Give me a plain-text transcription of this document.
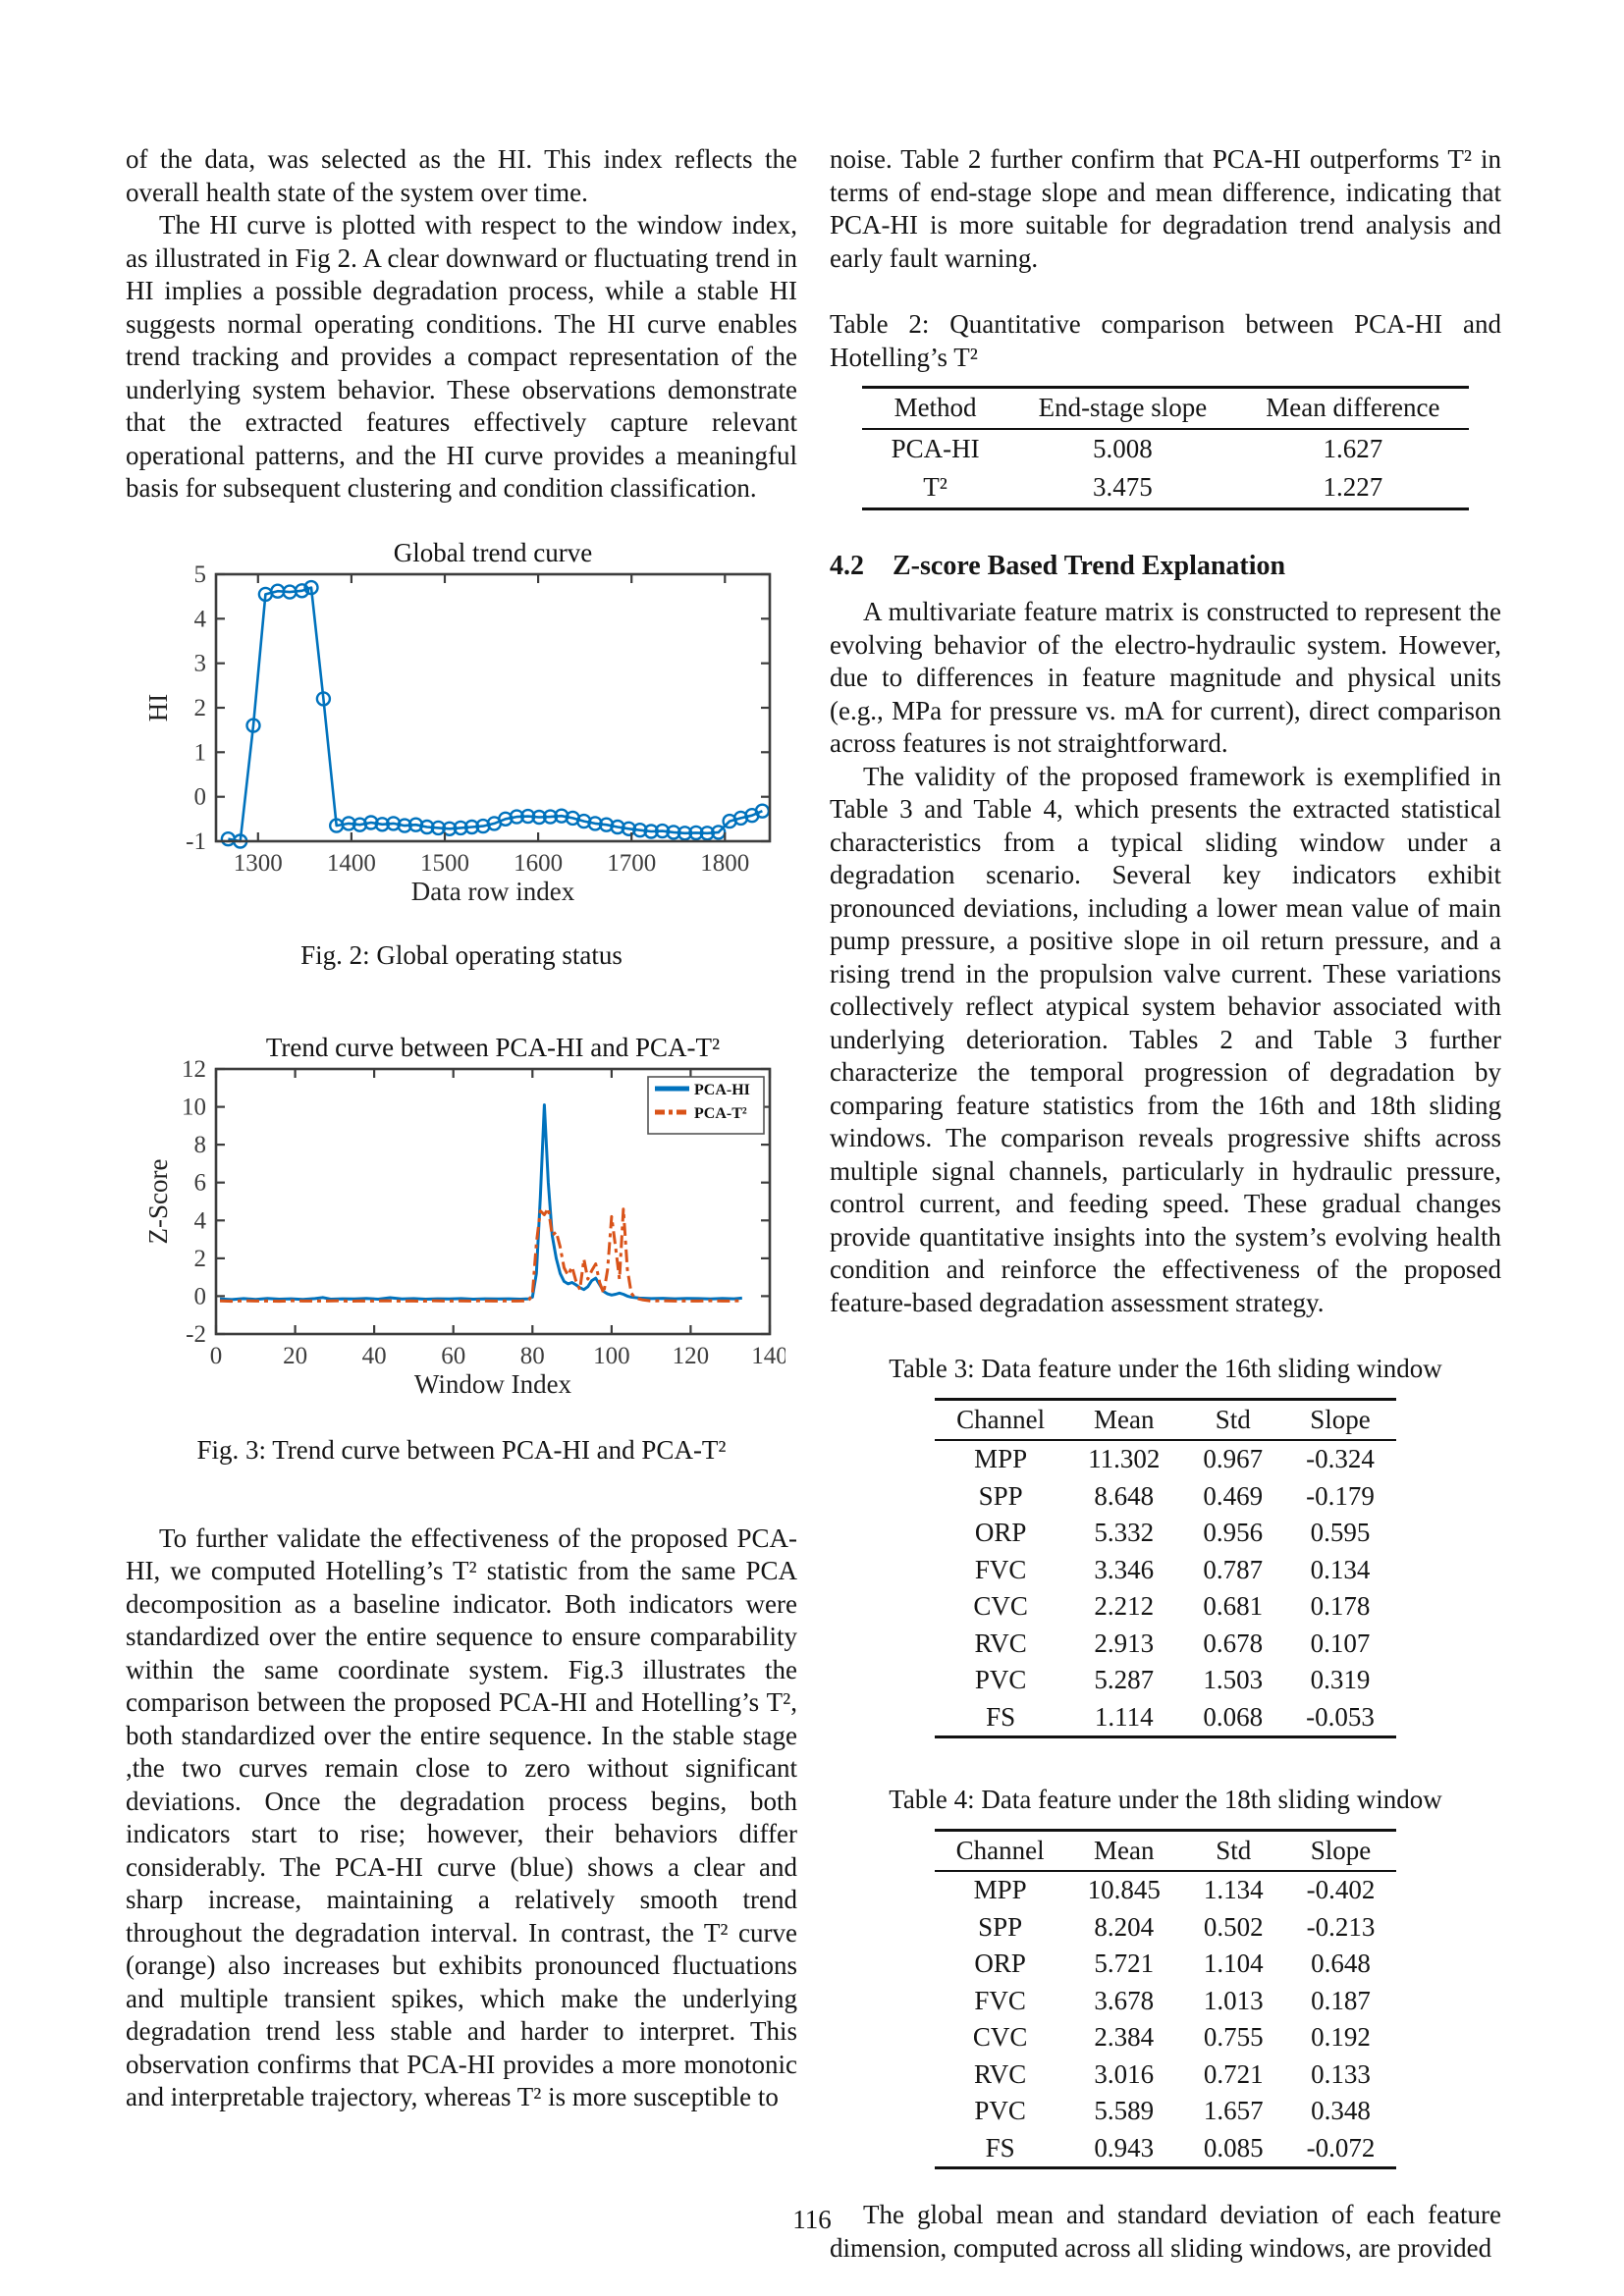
of the data, was selected as the HI. This index reflects the overall health state of the system over time.

The HI curve is plotted with respect to the window index, as illustrated in Fig 2. A clear downward or fluctuating trend in HI implies a possible degradation process, while a stable HI suggests normal operating conditions. The HI curve enables trend tracking and provides a compact representation of the underlying system behavior. These observations demonstrate that the extracted features effectively capture relevant operational patterns, and the HI curve provides a meaningful basis for subsequent clustering and condition classification.

1300 1400 1500 1600 1700 1800
-1
0
1
2
3
4
5
Global trend curve
Data row index
HI
Fig. 2: Global operating status
0 20 40 60 80 100 120 140
-2
0
2
4
6
8
10
12
Trend curve between PCA-HI and PCA-T²
Window Index
Z-Score
PCA-HI
PCA-T²
Fig. 3: Trend curve between PCA-HI and PCA-T²

To further validate the effectiveness of the proposed PCA-HI, we computed Hotelling’s T² statistic from the same PCA decomposition as a baseline indicator. Both indicators were standardized over the entire sequence to ensure comparability within the same coordinate system. Fig.3 illustrates the comparison between the proposed PCA-HI and Hotelling’s T², both standardized over the entire sequence. In the stable stage ,the two curves remain close to zero without significant deviations. Once the degradation process begins, both indicators start to rise; however, their behaviors differ considerably. The PCA-HI curve (blue) shows a clear and sharp increase, maintaining a relatively smooth trend throughout the degradation interval. In contrast, the T² curve (orange) also increases but exhibits pronounced fluctuations and multiple transient spikes, which make the underlying degradation trend less stable and harder to interpret. This observation confirms that PCA-HI provides a more monotonic and interpretable trajectory, whereas T² is more susceptible to

noise. Table 2 further confirm that PCA-HI outperforms T² in terms of end-stage slope and mean difference, indicating that PCA-HI is more suitable for degradation trend analysis and early fault warning.

Table 2: Quantitative comparison between PCA-HI and Hotelling’s T²
Method	End-stage slope	Mean difference
PCA-HI	5.008	1.627
T²	3.475	1.227
4.2	Z-score Based Trend Explanation

A multivariate feature matrix is constructed to represent the evolving behavior of the electro-hydraulic system. However, due to differences in feature magnitude and physical units (e.g., MPa for pressure vs. mA for current), direct comparison across features is not straightforward.

The validity of the proposed framework is exemplified in Table 3 and Table 4, which presents the extracted statistical characteristics from a typical sliding window under a degradation scenario. Several key indicators exhibit pronounced deviations, including a lower mean value of main pump pressure, a positive slope in oil return pressure, and a rising trend in the propulsion valve current. These variations collectively reflect atypical system behavior associated with underlying deterioration. Tables 2 and Table 3 further characterize the temporal progression of degradation by comparing feature statistics from the 16th and 18th sliding windows. The comparison reveals progressive shifts across multiple signal channels, particularly in hydraulic pressure, control current, and feeding speed. These gradual changes provide quantitative insights into the system’s evolving health condition and reinforce the effectiveness of the proposed feature-based degradation assessment strategy.

Table 3: Data feature under the 16th sliding window
Channel	Mean	Std	Slope
MPP	11.302	0.967	-0.324
SPP	8.648	0.469	-0.179
ORP	5.332	0.956	0.595
FVC	3.346	0.787	0.134
CVC	2.212	0.681	0.178
RVC	2.913	0.678	0.107
PVC	5.287	1.503	0.319
FS	1.114	0.068	-0.053
Table 4: Data feature under the 18th sliding window
Channel	Mean	Std	Slope
MPP	10.845	1.134	-0.402
SPP	8.204	0.502	-0.213
ORP	5.721	1.104	0.648
FVC	3.678	1.013	0.187
CVC	2.384	0.755	0.192
RVC	3.016	0.721	0.133
PVC	5.589	1.657	0.348
FS	0.943	0.085	-0.072

The global mean and standard deviation of each feature dimension, computed across all sliding windows, are provided

116
